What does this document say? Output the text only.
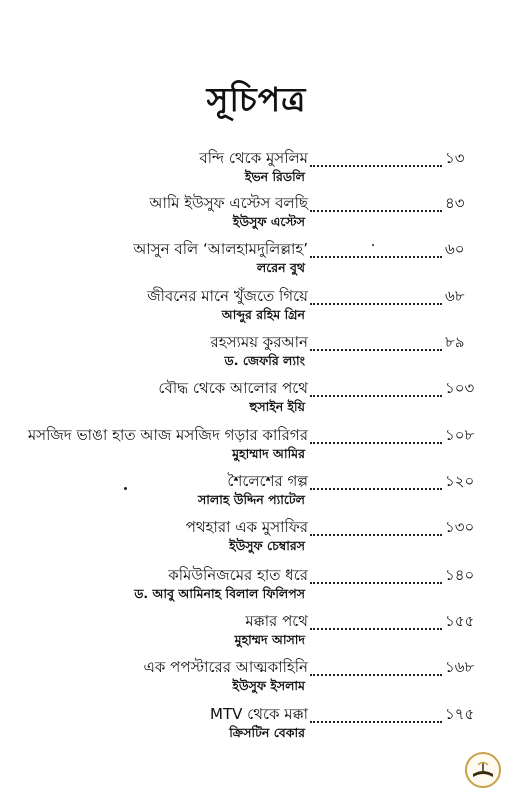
সূচিপত্র
বন্দি থেকে মুসলিম	১৩
ইভন রিডলি
আমি ইউসুফ এস্টেস বলছি	৪৩
ইউসুফ এস্টেস
আসুন বলি ‘আলহামদুলিল্লাহ’	৬০
লরেন বুথ
জীবনের মানে খুঁজতে গিয়ে	৬৮
আব্দুর রহিম গ্রিন
রহস্যময় কুরআন	৮৯
ড. জেফরি ল্যাং
বৌদ্ধ থেকে আলোর পথে	১০৩
হুসাইন ইয়ি
মসজিদ ভাঙা হাত আজ মসজিদ গড়ার কারিগর	১০৮
মুহাম্মাদ আমির
শৈলেশের গল্প	১২০
সালাহ উদ্দিন প্যাটেল
পথহারা এক মুসাফির	১৩০
ইউসুফ চেম্বারস
কমিউনিজমের হাত ধরে	১৪০
ড. আবু আমিনাহ বিলাল ফিলিপস
মক্কার পথে	১৫৫
মুহাম্মদ আসাদ
এক পপস্টারের আত্মকাহিনি	১৬৮
ইউসুফ ইসলাম
MTV থেকে মক্কা	১৭৫
ক্রিসটিন বেকার
